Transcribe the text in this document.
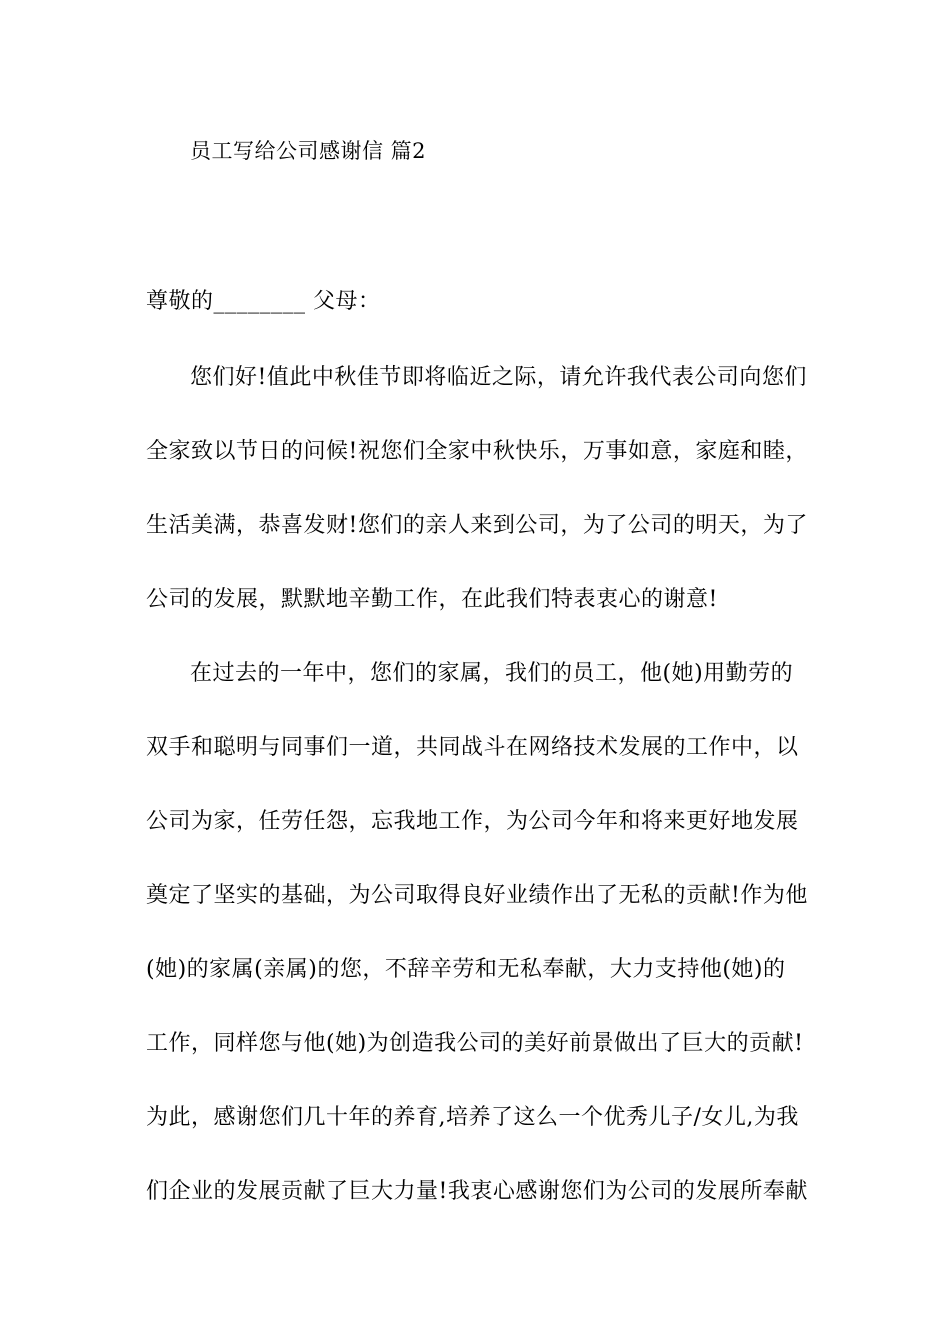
员工写给公司感谢信 篇2
尊敬的________ 父母：
您们好!值此中秋佳节即将临近之际，请允许我代表公司向您们
全家致以节日的问候!祝您们全家中秋快乐，万事如意，家庭和睦，
生活美满，恭喜发财!您们的亲人来到公司，为了公司的明天，为了
公司的发展，默默地辛勤工作，在此我们特表衷心的谢意!
在过去的一年中，您们的家属，我们的员工，他(她)用勤劳的
双手和聪明与同事们一道，共同战斗在网络技术发展的工作中，以
公司为家，任劳任怨，忘我地工作，为公司今年和将来更好地发展
奠定了坚实的基础，为公司取得良好业绩作出了无私的贡献!作为他
(她)的家属(亲属)的您，不辞辛劳和无私奉献，大力支持他(她)的
工作，同样您与他(她)为创造我公司的美好前景做出了巨大的贡献!
为此，感谢您们几十年的养育,培养了这么一个优秀儿子/女儿,为我
们企业的发展贡献了巨大力量!我衷心感谢您们为公司的发展所奉献
